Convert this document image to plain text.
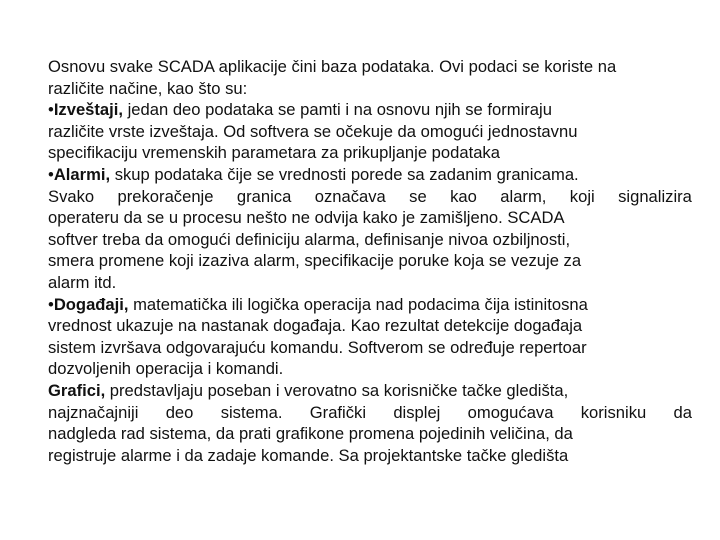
Osnovu svake SCADA aplikacije čini baza podataka. Ovi podaci se koriste na
različite načine, kao što su:
•Izveštaji, jedan deo podataka se pamti i na osnovu njih se formiraju
različite vrste izveštaja. Od softvera se očekuje da omogući jednostavnu
specifikaciju vremenskih parametara za prikupljanje podataka
•Alarmi, skup podataka čije se vrednosti porede sa zadanim granicama.
Svako prekoračenje granica označava se kao alarm, koji signalizira
operateru da se u procesu nešto ne odvija kako je zamišljeno. SCADA
softver treba da omogući definiciju alarma, definisanje nivoa ozbiljnosti,
smera promene koji izaziva alarm, specifikacije poruke koja se vezuje za
alarm itd.
•Događaji, matematička ili logička operacija nad podacima čija istinitosna
vrednost ukazuje na nastanak događaja. Kao rezultat detekcije događaja
sistem izvršava odgovarajuću komandu. Softverom se određuje repertoar
dozvoljenih operacija i komandi.
Grafici, predstavljaju poseban i verovatno sa korisničke tačke gledišta,
najznačajniji deo sistema. Grafički displej omogućava korisniku da
nadgleda rad sistema, da prati grafikone promena pojedinih veličina, da
registruje alarme i da zadaje komande. Sa projektantske tačke gledišta
